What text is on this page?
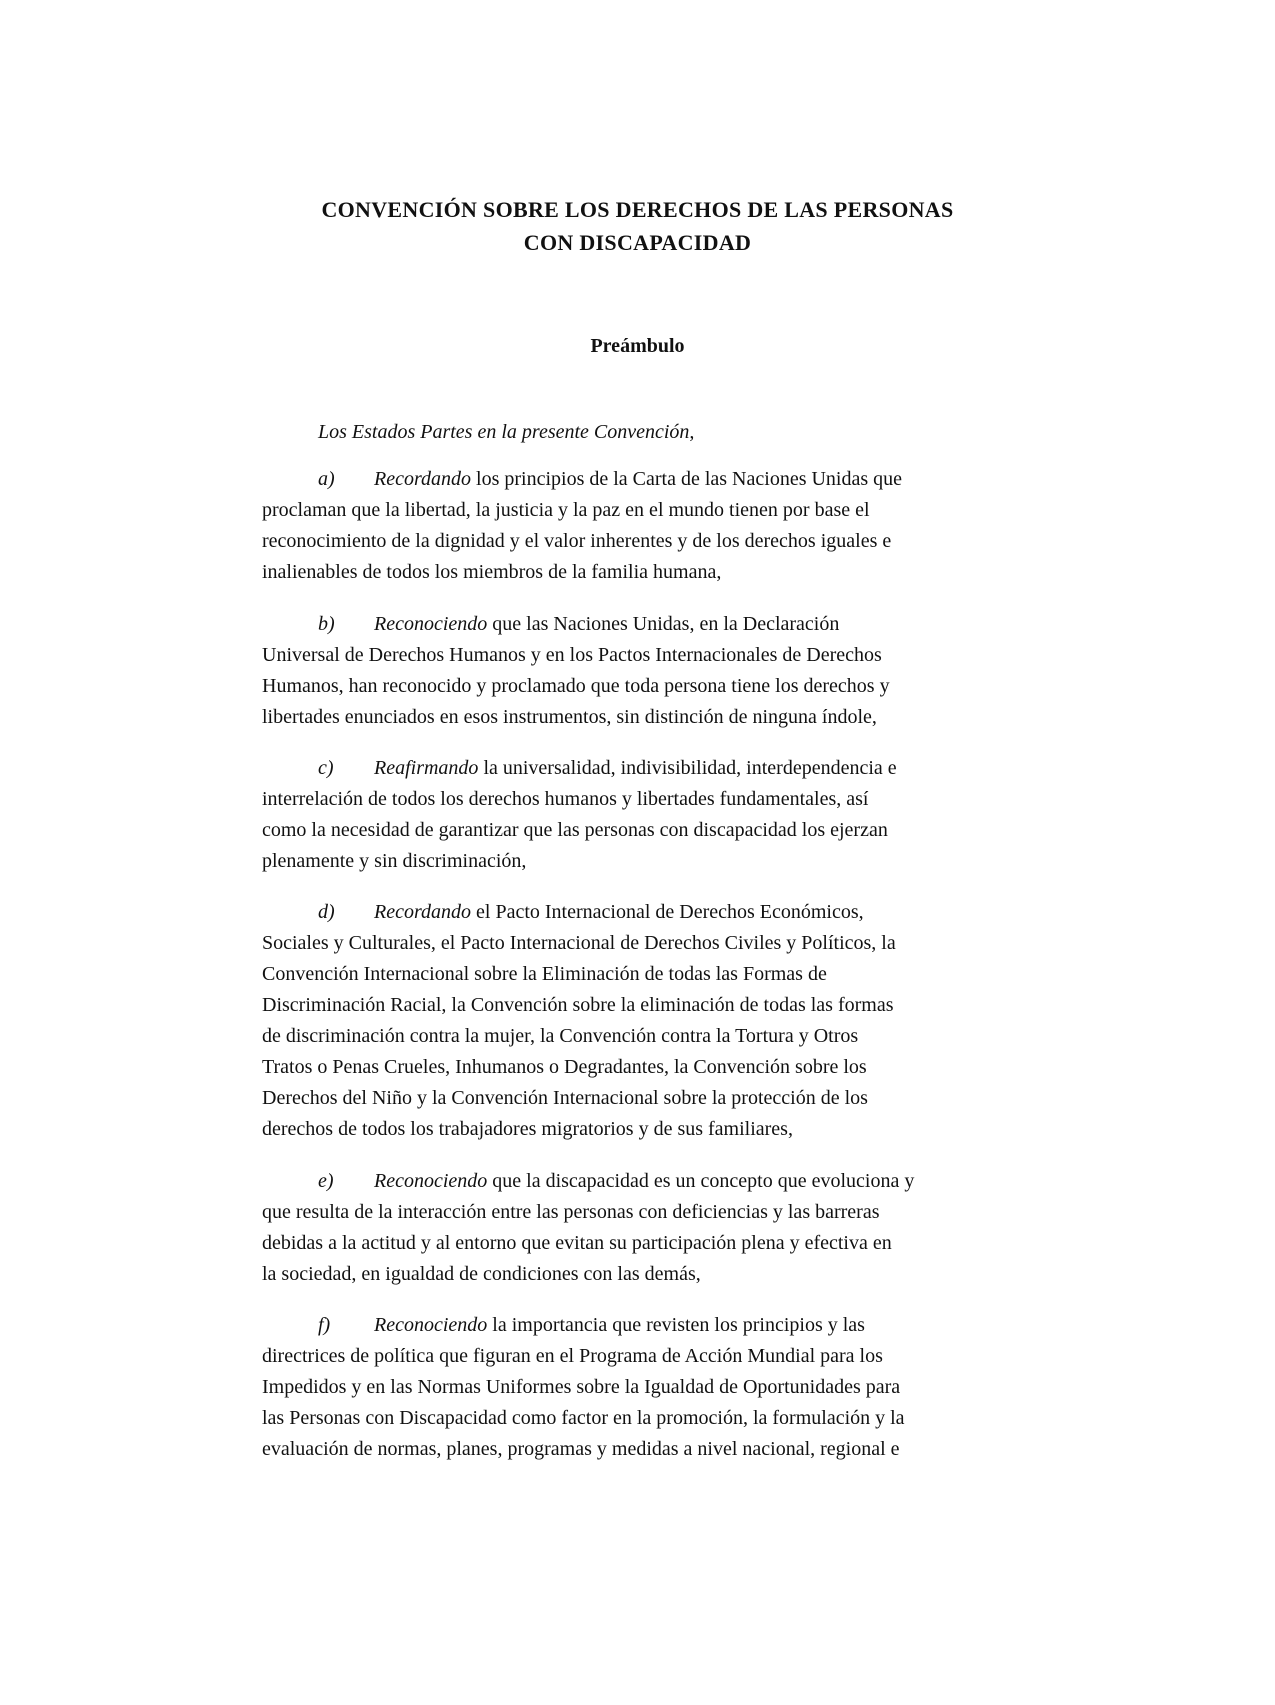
CONVENCIÓN SOBRE LOS DERECHOS DE LAS PERSONAS
CON DISCAPACIDAD
Preámbulo

Los Estados Partes en la presente Convención,

a) Recordando los principios de la Carta de las Naciones Unidas que
proclaman que la libertad, la justicia y la paz en el mundo tienen por base el
reconocimiento de la dignidad y el valor inherentes y de los derechos iguales e
inalienables de todos los miembros de la familia humana,

b) Reconociendo que las Naciones Unidas, en la Declaración
Universal de Derechos Humanos y en los Pactos Internacionales de Derechos
Humanos, han reconocido y proclamado que toda persona tiene los derechos y
libertades enunciados en esos instrumentos, sin distinción de ninguna índole,

c) Reafirmando la universalidad, indivisibilidad, interdependencia e
interrelación de todos los derechos humanos y libertades fundamentales, así
como la necesidad de garantizar que las personas con discapacidad los ejerzan
plenamente y sin discriminación,

d) Recordando el Pacto Internacional de Derechos Económicos,
Sociales y Culturales, el Pacto Internacional de Derechos Civiles y Políticos, la
Convención Internacional sobre la Eliminación de todas las Formas de
Discriminación Racial, la Convención sobre la eliminación de todas las formas
de discriminación contra la mujer, la Convención contra la Tortura y Otros
Tratos o Penas Crueles, Inhumanos o Degradantes, la Convención sobre los
Derechos del Niño y la Convención Internacional sobre la protección de los
derechos de todos los trabajadores migratorios y de sus familiares,

e) Reconociendo que la discapacidad es un concepto que evoluciona y
que resulta de la interacción entre las personas con deficiencias y las barreras
debidas a la actitud y al entorno que evitan su participación plena y efectiva en
la sociedad, en igualdad de condiciones con las demás,

f) Reconociendo la importancia que revisten los principios y las
directrices de política que figuran en el Programa de Acción Mundial para los
Impedidos y en las Normas Uniformes sobre la Igualdad de Oportunidades para
las Personas con Discapacidad como factor en la promoción, la formulación y la
evaluación de normas, planes, programas y medidas a nivel nacional, regional e
